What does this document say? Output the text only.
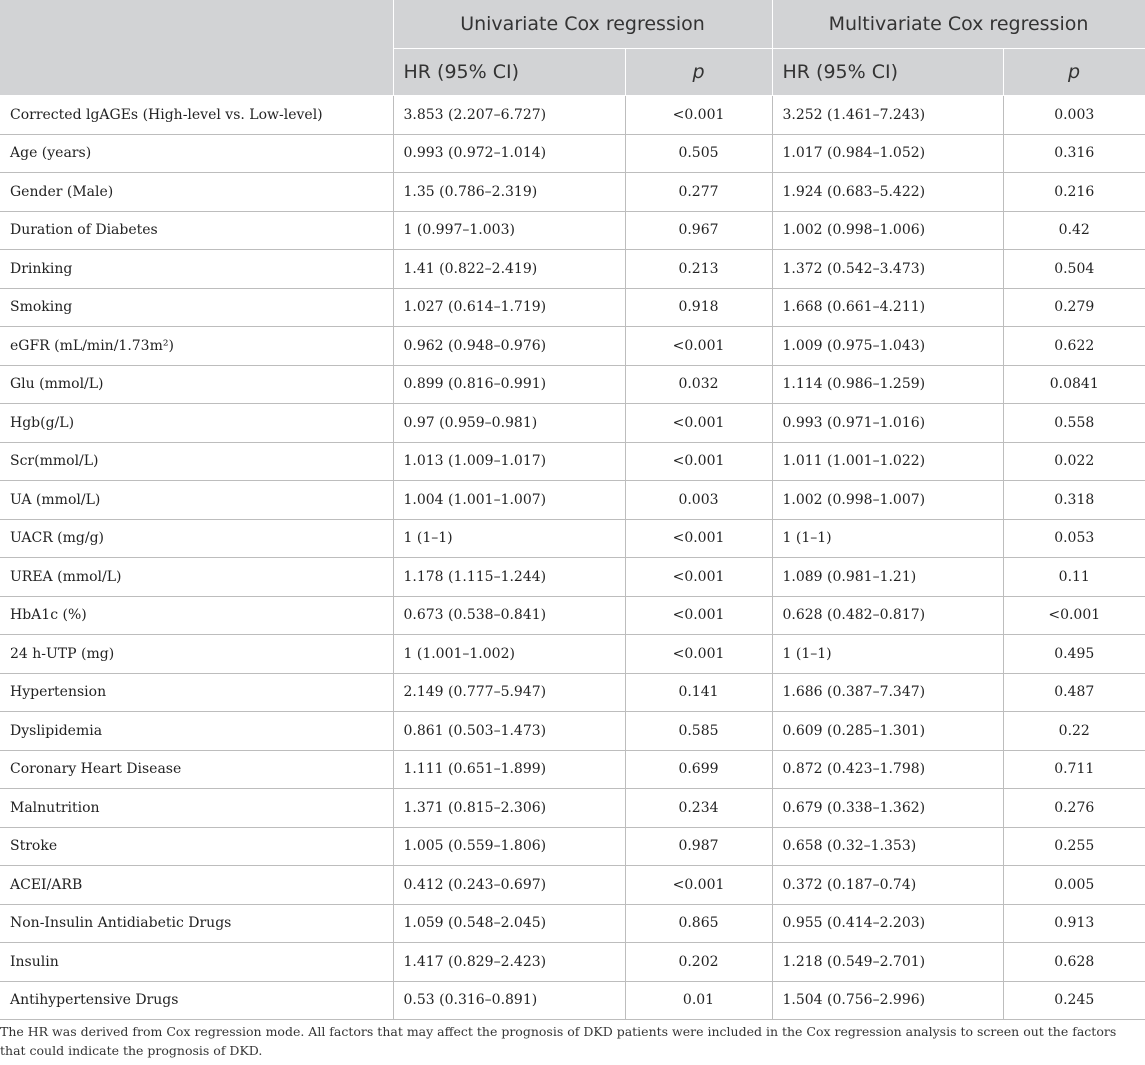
	Univariate Cox regression		Multivariate Cox regression	
	HR (95% CI)	p	HR (95% CI)	p
Corrected lgAGEs (High-level vs. Low-level)	3.853 (2.207–6.727)	<0.001	3.252 (1.461–7.243)	0.003
Age (years)	0.993 (0.972–1.014)	0.505	1.017 (0.984–1.052)	0.316
Gender (Male)	1.35 (0.786–2.319)	0.277	1.924 (0.683–5.422)	0.216
Duration of Diabetes	1 (0.997–1.003)	0.967	1.002 (0.998–1.006)	0.42
Drinking	1.41 (0.822–2.419)	0.213	1.372 (0.542–3.473)	0.504
Smoking	1.027 (0.614–1.719)	0.918	1.668 (0.661–4.211)	0.279
eGFR (mL/min/1.73m²)	0.962 (0.948–0.976)	<0.001	1.009 (0.975–1.043)	0.622
Glu (mmol/L)	0.899 (0.816–0.991)	0.032	1.114 (0.986–1.259)	0.0841
Hgb(g/L)	0.97 (0.959–0.981)	<0.001	0.993 (0.971–1.016)	0.558
Scr(mmol/L)	1.013 (1.009–1.017)	<0.001	1.011 (1.001–1.022)	0.022
UA (mmol/L)	1.004 (1.001–1.007)	0.003	1.002 (0.998–1.007)	0.318
UACR (mg/g)	1 (1–1)	<0.001	1 (1–1)	0.053
UREA (mmol/L)	1.178 (1.115–1.244)	<0.001	1.089 (0.981–1.21)	0.11
HbA1c (%)	0.673 (0.538–0.841)	<0.001	0.628 (0.482–0.817)	<0.001
24 h-UTP (mg)	1 (1.001–1.002)	<0.001	1 (1–1)	0.495
Hypertension	2.149 (0.777–5.947)	0.141	1.686 (0.387–7.347)	0.487
Dyslipidemia	0.861 (0.503–1.473)	0.585	0.609 (0.285–1.301)	0.22
Coronary Heart Disease	1.111 (0.651–1.899)	0.699	0.872 (0.423–1.798)	0.711
Malnutrition	1.371 (0.815–2.306)	0.234	0.679 (0.338–1.362)	0.276
Stroke	1.005 (0.559–1.806)	0.987	0.658 (0.32–1.353)	0.255
ACEI/ARB	0.412 (0.243–0.697)	<0.001	0.372 (0.187–0.74)	0.005
Non-Insulin Antidiabetic Drugs	1.059 (0.548–2.045)	0.865	0.955 (0.414–2.203)	0.913
Insulin	1.417 (0.829–2.423)	0.202	1.218 (0.549–2.701)	0.628
Antihypertensive Drugs	0.53 (0.316–0.891)	0.01	1.504 (0.756–2.996)	0.245
The HR was derived from Cox regression mode. All factors that may affect the prognosis of DKD patients were included in the Cox regression analysis to screen out the factors that could indicate the prognosis of DKD.
